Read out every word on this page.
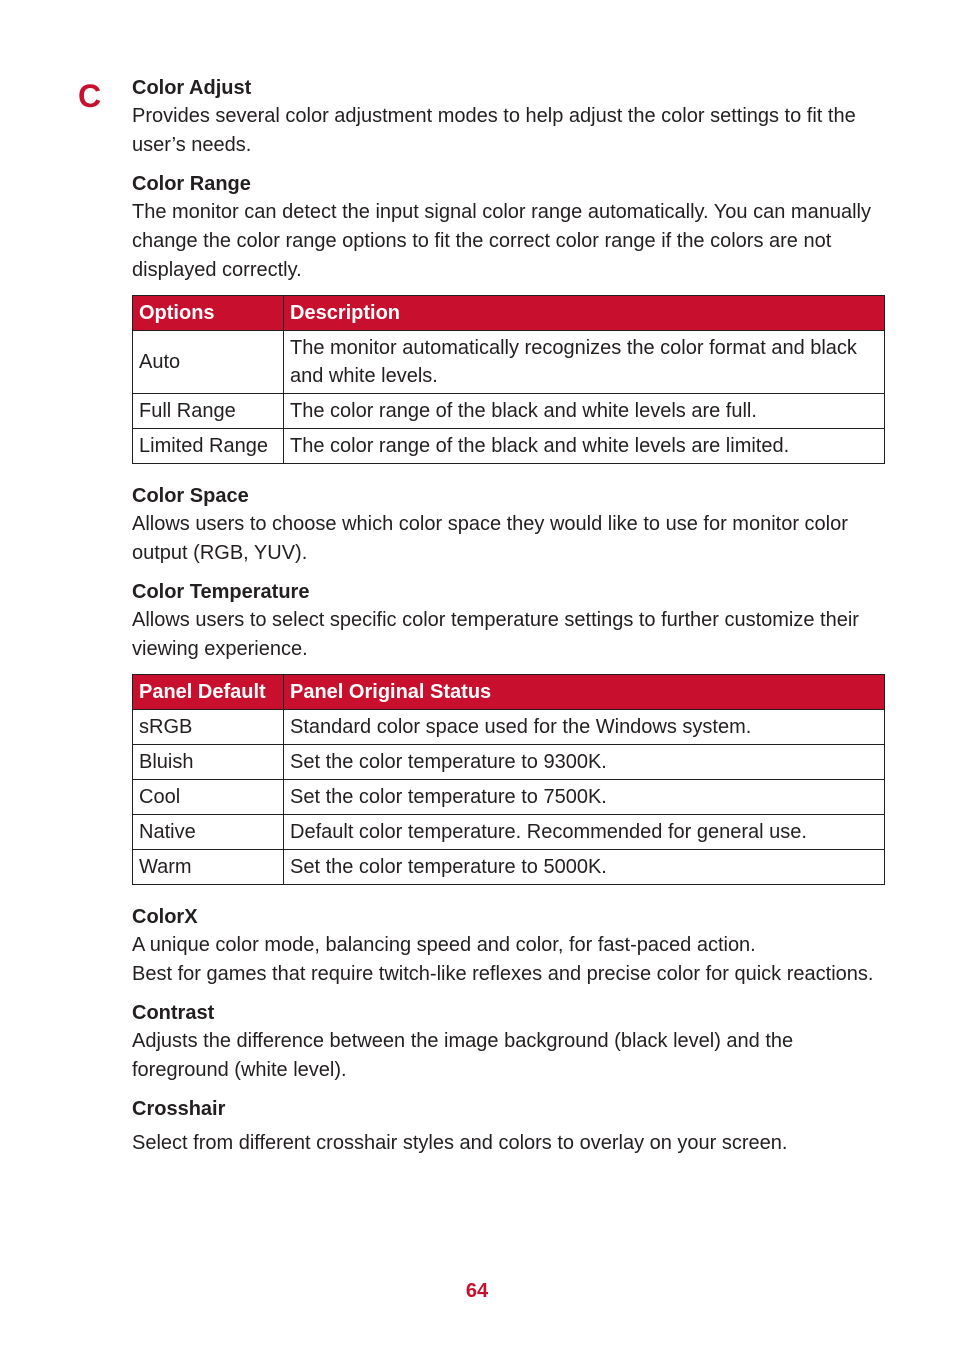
C Color Adjust

Provides several color adjustment modes to help adjust the color settings to fit the user’s needs.

Color Range

The monitor can detect the input signal color range automatically. You can manually change the color range options to fit the correct color range if the colors are not displayed correctly.

Options	Description
Auto	The monitor automatically recognizes the color format and black and white levels.
Full Range	The color range of the black and white levels are full.
Limited Range	The color range of the black and white levels are limited.

Color Space

Allows users to choose which color space they would like to use for monitor color output (RGB, YUV).

Color Temperature

Allows users to select specific color temperature settings to further customize their viewing experience.

Panel Default	Panel Original Status
sRGB	Standard color space used for the Windows system.
Bluish	Set the color temperature to 9300K.
Cool	Set the color temperature to 7500K.
Native	Default color temperature. Recommended for general use.
Warm	Set the color temperature to 5000K.

ColorX

A unique color mode, balancing speed and color, for fast-paced action.

Best for games that require twitch-like reflexes and precise color for quick reactions.

Contrast

Adjusts the difference between the image background (black level) and the foreground (white level).

Crosshair

Select from different crosshair styles and colors to overlay on your screen.

64
